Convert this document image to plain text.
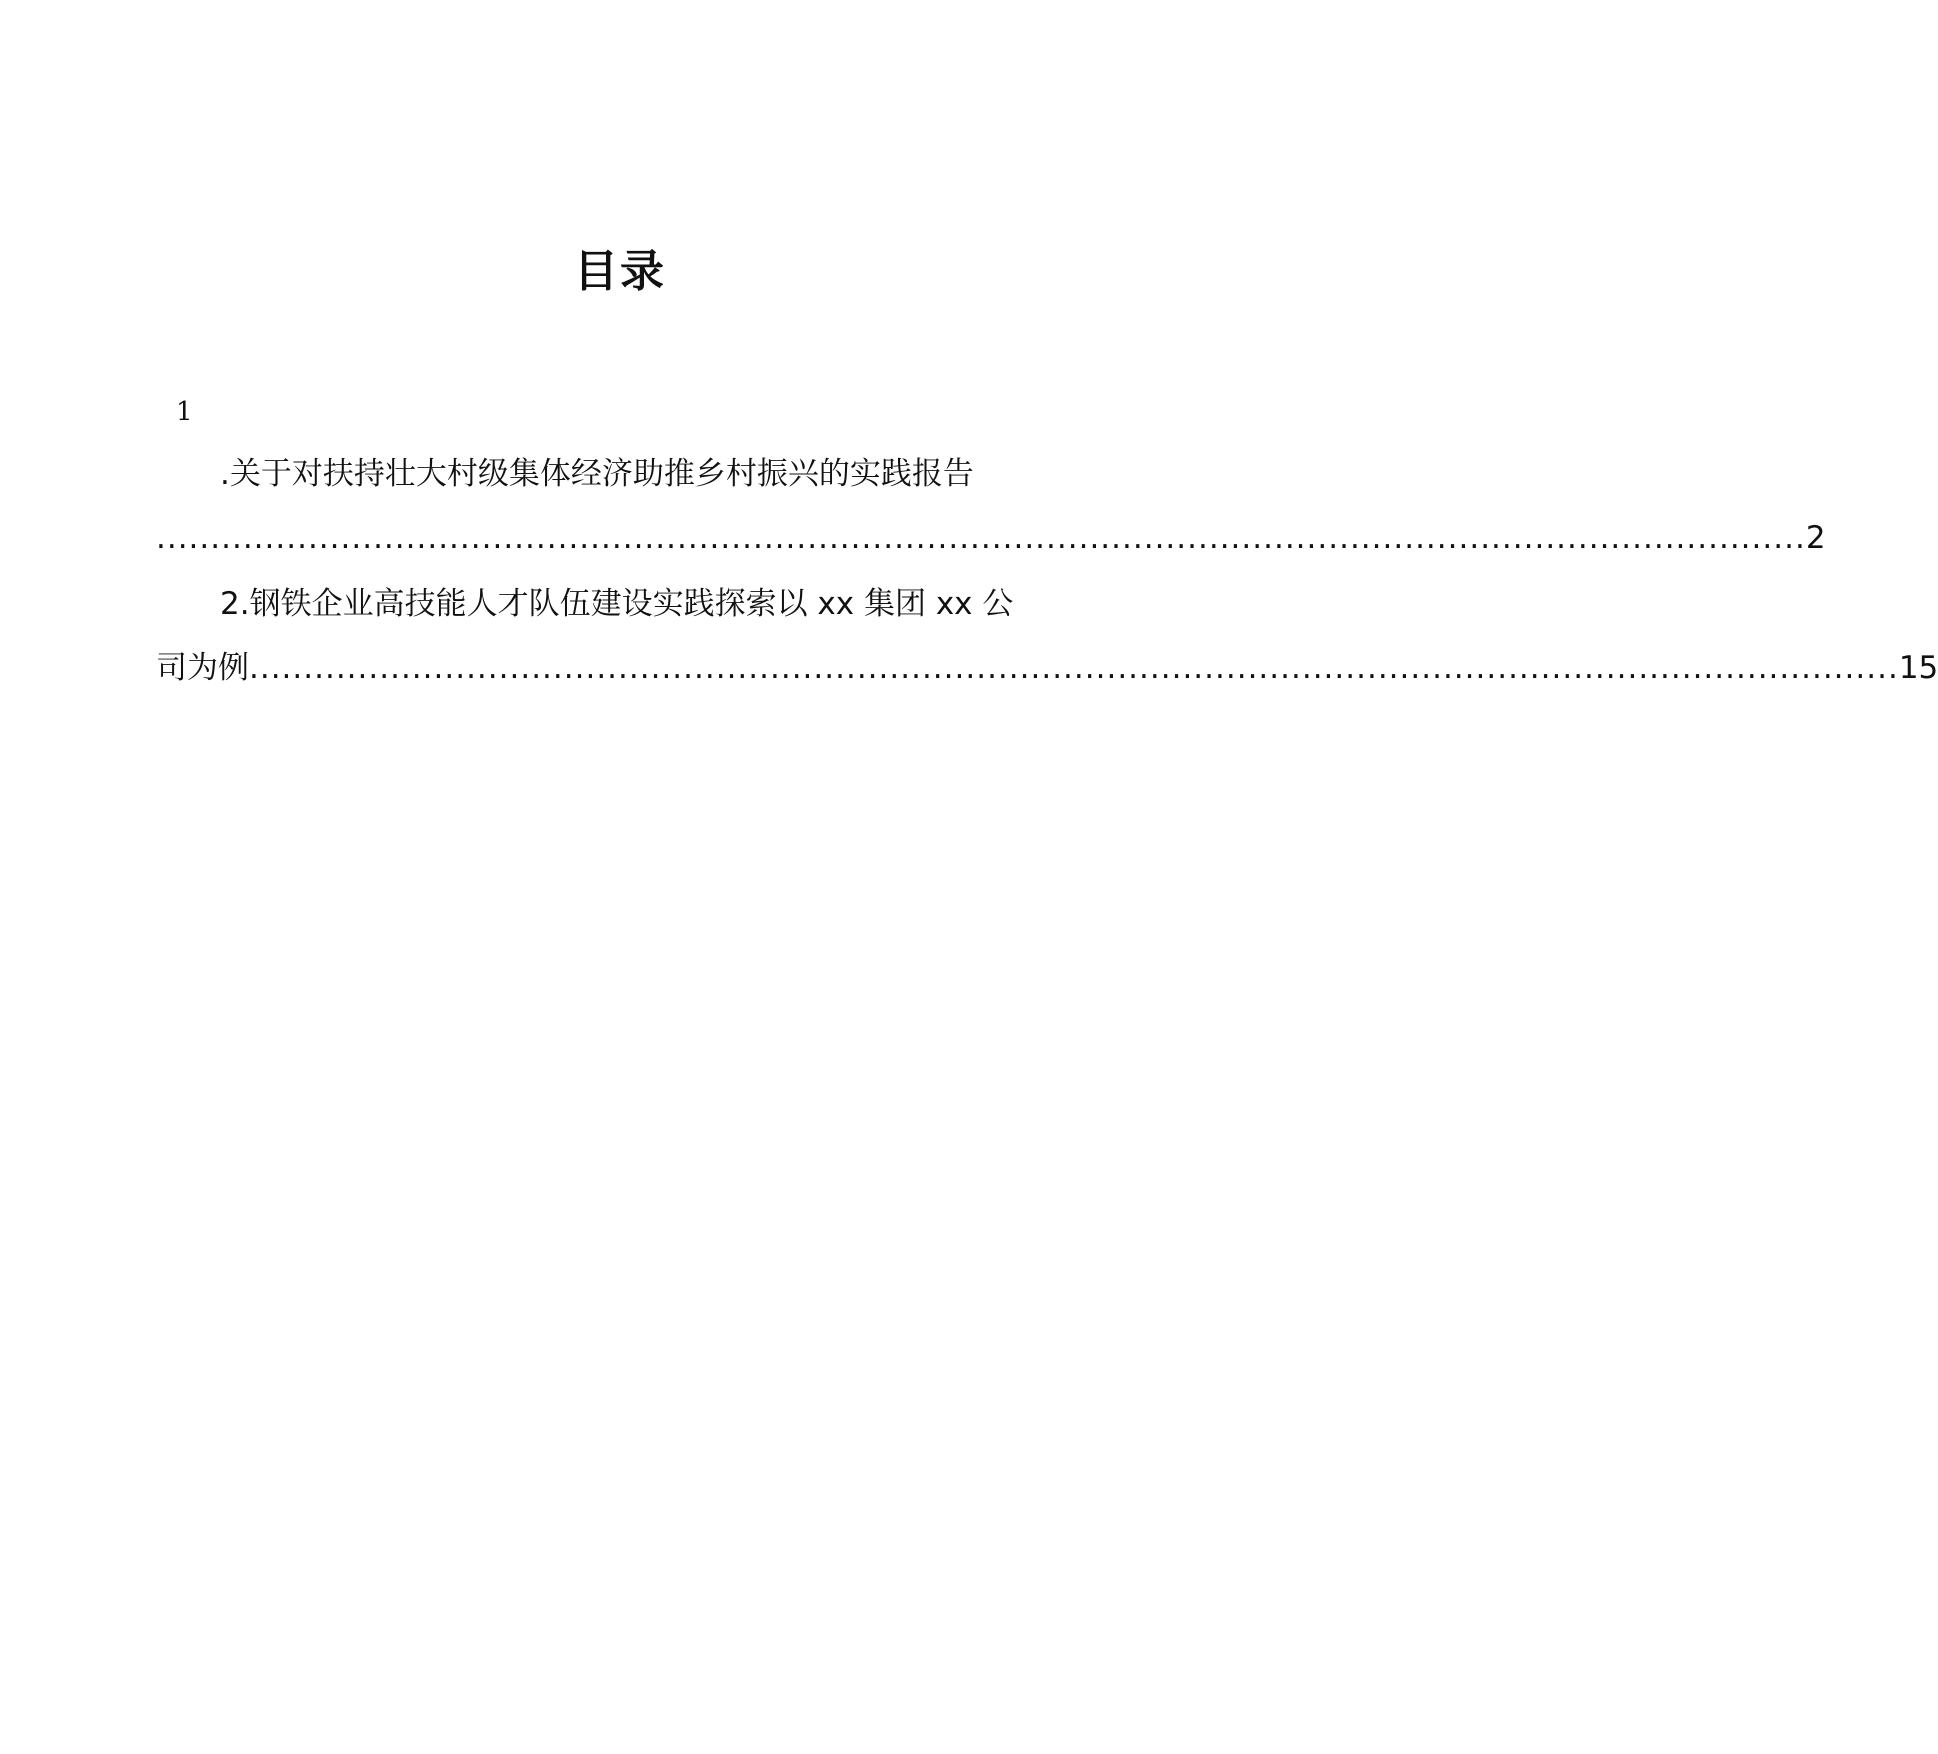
目录
1
.关于对扶持壮大村级集体经济助推乡村振兴的实践报告
........................................................................................................................................................ 2
2.钢铁企业高技能人才队伍建设实践探索以 xx 集团 xx 公
司为例 ........................................................................................................................................................ 15
